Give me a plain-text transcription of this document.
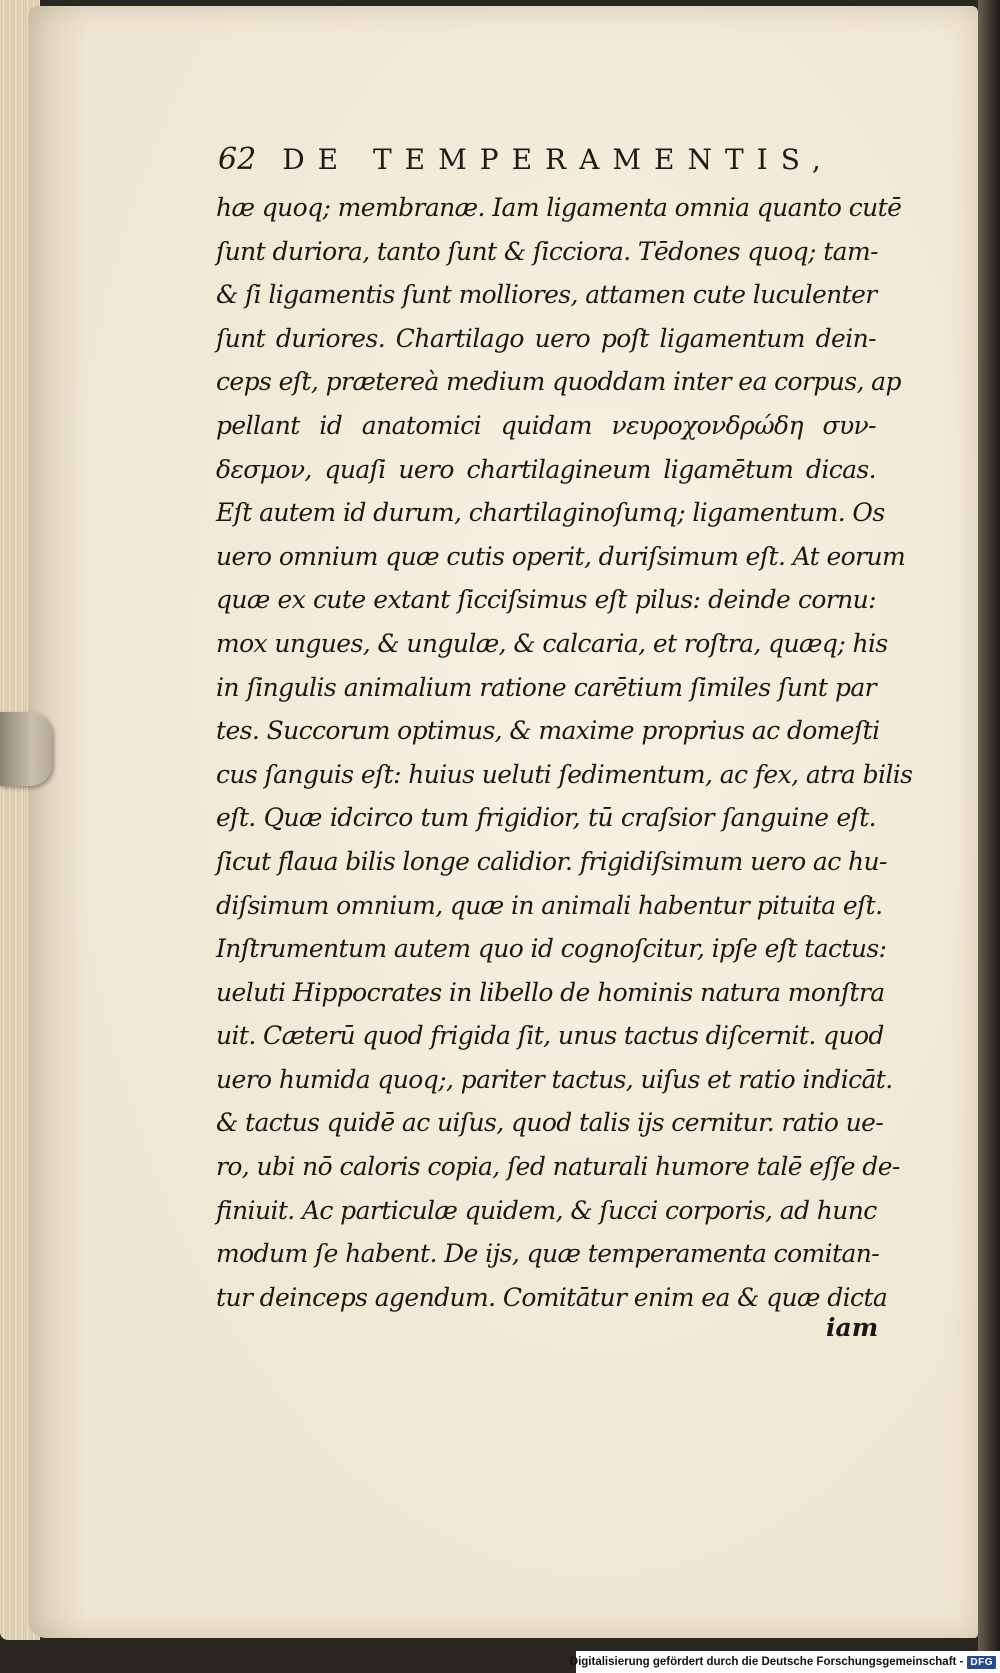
62 DE TEMPERAMENTIS,
hæ quoq; membranæ. Iam ligamenta omnia quanto cutē
ſunt duriora, tanto ſunt & ſicciora. Tēdones quoq; tam-
& ſi ligamentis ſunt molliores, attamen cute luculenter
ſunt duriores. Chartilago uero poſt ligamentum dein-
ceps eſt, prætereà medium quoddam inter ea corpus, ap
pellant id anatomici quidam νευροχονδρώδη συν-
δεσμον, quaſi uero chartilagineum ligamētum dicas.
Eſt autem id durum, chartilaginoſumq; ligamentum. Os
uero omnium quæ cutis operit, duriſsimum eſt. At eorum
quæ ex cute extant ſicciſsimus eſt pilus: deinde cornu:
mox ungues, & ungulæ, & calcaria, et roſtra, quæq; his
in ſingulis animalium ratione carētium ſimiles ſunt par
tes. Succorum optimus, & maxime proprius ac domeſti
cus ſanguis eſt: huius ueluti ſedimentum, ac fex, atra bilis
eſt. Quæ idcirco tum frigidior, tū craſsior ſanguine eſt.
ſicut flaua bilis longe calidior. frigidiſsimum uero ac hu-
diſsimum omnium, quæ in animali habentur pituita eſt.
Inſtrumentum autem quo id cognoſcitur, ipſe eſt tactus:
ueluti Hippocrates in libello de hominis natura monſtra
uit. Cæterū quod frigida ſit, unus tactus diſcernit. quod
uero humida quoq;, pariter tactus, uiſus et ratio indicāt.
& tactus quidē ac uiſus, quod talis ijs cernitur. ratio ue-
ro, ubi nō caloris copia, ſed naturali humore talē eſſe de-
finiuit. Ac particulæ quidem, & ſucci corporis, ad hunc
modum ſe habent. De ijs, quæ temperamenta comitan-
tur deinceps agendum. Comitātur enim ea & quæ dicta
iam
Digitalisierung gefördert durch die Deutsche Forschungsgemeinschaft - DFG
